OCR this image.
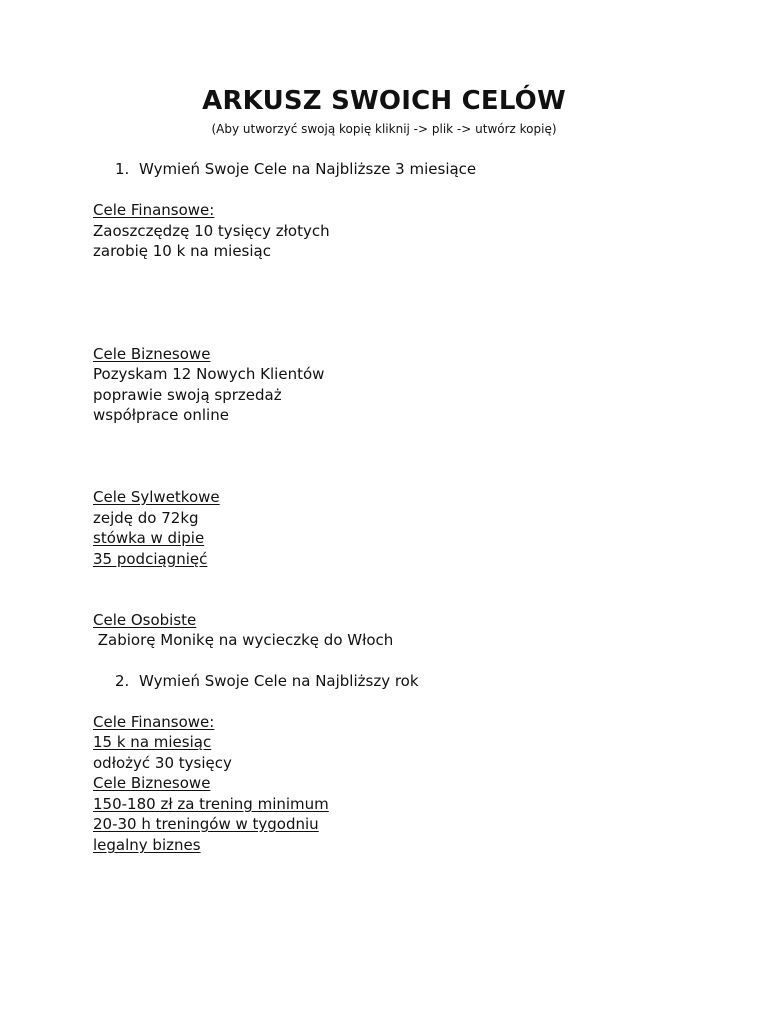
ARKUSZ SWOICH CELÓW
(Aby utworzyć swoją kopię kliknij -> plik -> utwórz kopię)
1. Wymień Swoje Cele na Najbliższe 3 miesiące
Cele Finansowe:
Zaoszczędzę 10 tysięcy złotych
zarobię 10 k na miesiąc
Cele Biznesowe
Pozyskam 12 Nowych Klientów
poprawie swoją sprzedaż
współprace online
Cele Sylwetkowe
zejdę do 72kg
stówka w dipie
35 podciągnięć
Cele Osobiste
Zabiorę Monikę na wycieczkę do Włoch
2. Wymień Swoje Cele na Najbliższy rok
Cele Finansowe:
15 k na miesiąc
odłożyć 30 tysięcy
Cele Biznesowe
150-180 zł za trening minimum
20-30 h treningów w tygodniu
legalny biznes
